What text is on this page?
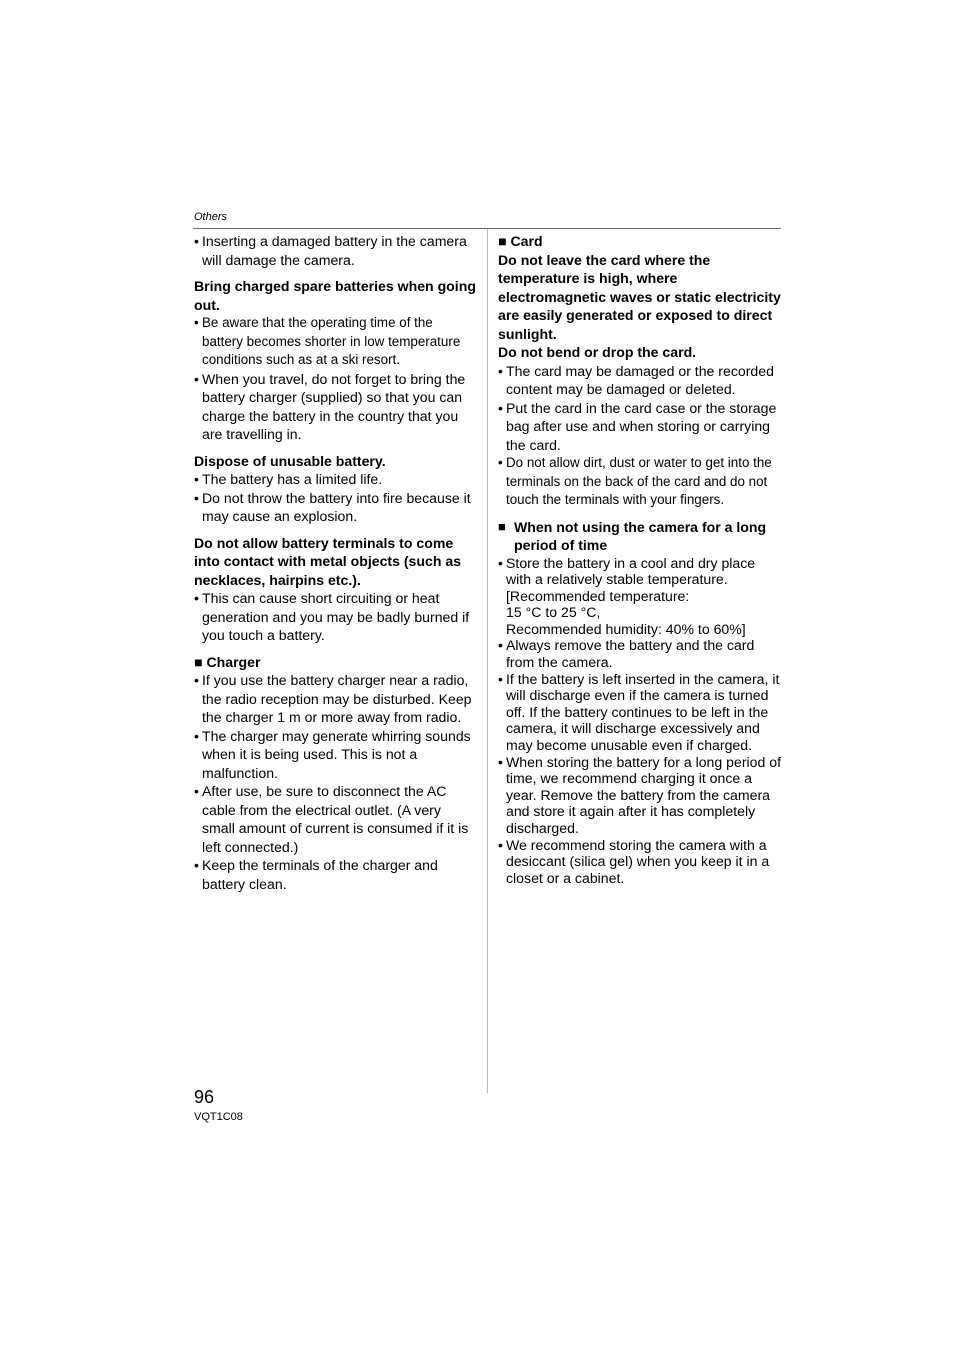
Others
• Inserting a damaged battery in the camera will damage the camera.
Bring charged spare batteries when going out.
• Be aware that the operating time of the battery becomes shorter in low temperature conditions such as at a ski resort.
• When you travel, do not forget to bring the battery charger (supplied) so that you can charge the battery in the country that you are travelling in.
Dispose of unusable battery.
• The battery has a limited life.
• Do not throw the battery into fire because it may cause an explosion.
Do not allow battery terminals to come into contact with metal objects (such as necklaces, hairpins etc.).
• This can cause short circuiting or heat generation and you may be badly burned if you touch a battery.
■ Charger
• If you use the battery charger near a radio, the radio reception may be disturbed. Keep the charger 1 m or more away from radio.
• The charger may generate whirring sounds when it is being used. This is not a malfunction.
• After use, be sure to disconnect the AC cable from the electrical outlet. (A very small amount of current is consumed if it is left connected.)
• Keep the terminals of the charger and battery clean.
■ Card
Do not leave the card where the temperature is high, where electromagnetic waves or static electricity are easily generated or exposed to direct sunlight.
Do not bend or drop the card.
• The card may be damaged or the recorded content may be damaged or deleted.
• Put the card in the card case or the storage bag after use and when storing or carrying the card.
• Do not allow dirt, dust or water to get into the terminals on the back of the card and do not touch the terminals with your fingers.
■ When not using the camera for a long period of time
• Store the battery in a cool and dry place with a relatively stable temperature.
[Recommended temperature:
15 °C to 25 °C,
Recommended humidity: 40% to 60%]
• Always remove the battery and the card from the camera.
• If the battery is left inserted in the camera, it will discharge even if the camera is turned off. If the battery continues to be left in the camera, it will discharge excessively and may become unusable even if charged.
• When storing the battery for a long period of time, we recommend charging it once a year. Remove the battery from the camera and store it again after it has completely discharged.
• We recommend storing the camera with a desiccant (silica gel) when you keep it in a closet or a cabinet.
96
VQT1C08
